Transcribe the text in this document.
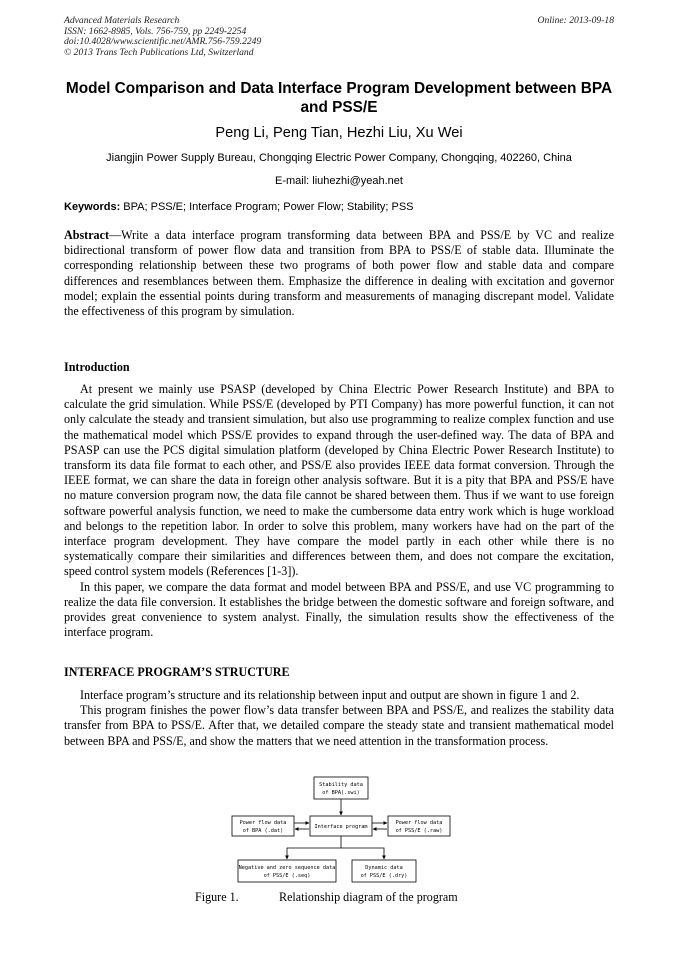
Advanced Materials Research
ISSN: 1662-8985, Vols. 756-759, pp 2249-2254
doi:10.4028/www.scientific.net/AMR.756-759.2249
© 2013 Trans Tech Publications Ltd, Switzerland
Online: 2013-09-18
Model Comparison and Data Interface Program Development between BPA and PSS/E
Peng Li, Peng Tian, Hezhi Liu, Xu Wei
Jiangjin Power Supply Bureau, Chongqing Electric Power Company, Chongqing, 402260, China
E-mail: liuhezhi@yeah.net
Keywords: BPA; PSS/E; Interface Program; Power Flow; Stability; PSS

Abstract—Write a data interface program transforming data between BPA and PSS/E by VC and realize bidirectional transform of power flow data and transition from BPA to PSS/E of stable data. Illuminate the corresponding relationship between these two programs of both power flow and stable data and compare differences and resemblances between them. Emphasize the difference in dealing with excitation and governor model; explain the essential points during transform and measurements of managing discrepant model. Validate the effectiveness of this program by simulation.

Introduction

At present we mainly use PSASP (developed by China Electric Power Research Institute) and BPA to calculate the grid simulation. While PSS/E (developed by PTI Company) has more powerful function, it can not only calculate the steady and transient simulation, but also use programming to realize complex function and use the mathematical model which PSS/E provides to expand through the user-defined way. The data of BPA and PSASP can use the PCS digital simulation platform (developed by China Electric Power Research Institute) to transform its data file format to each other, and PSS/E also provides IEEE data format conversion. Through the IEEE format, we can share the data in foreign other analysis software. But it is a pity that BPA and PSS/E have no mature conversion program now, the data file cannot be shared between them. Thus if we want to use foreign software powerful analysis function, we need to make the cumbersome data entry work which is huge workload and belongs to the repetition labor. In order to solve this problem, many workers have had on the part of the interface program development. They have compare the model partly in each other while there is no systematically compare their similarities and differences between them, and does not compare the excitation, speed control system models (References [1-3]).

In this paper, we compare the data format and model between BPA and PSS/E, and use VC programming to realize the data file conversion. It establishes the bridge between the domestic software and foreign software, and provides great convenience to system analyst. Finally, the simulation results show the effectiveness of the interface program.

INTERFACE PROGRAM’S STRUCTURE

Interface program’s structure and its relationship between input and output are shown in figure 1 and 2.

This program finishes the power flow’s data transfer between BPA and PSS/E, and realizes the stability data transfer from BPA to PSS/E. After that, we detailed compare the steady state and transient mathematical model between BPA and PSS/E, and show the matters that we need attention in the transformation process.

Stability data
of BPA(.swi)
Power flow data
of BPA (.dat)
Interface program
Power flow data
of PSS/E (.raw)
Negative and zero sequence data
of PSS/E (.seq)
Dynamic data
of PSS/E (.dry)
Figure 1.	Relationship diagram of the program
